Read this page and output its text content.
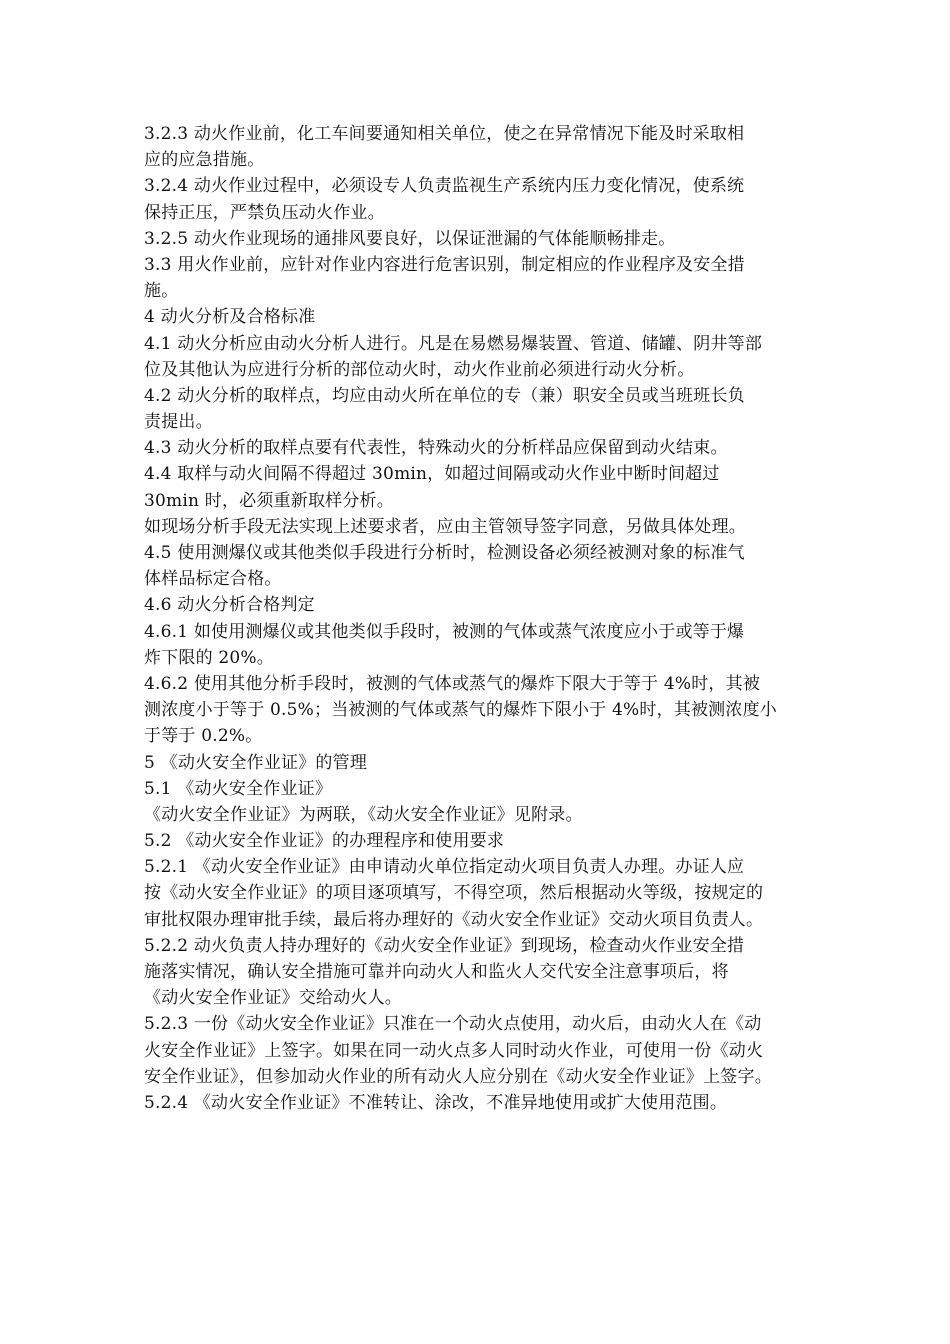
3.2.3 动火作业前，化工车间要通知相关单位，使之在异常情况下能及时采取相
应的应急措施。
3.2.4 动火作业过程中，必须设专人负责监视生产系统内压力变化情况，使系统
保持正压，严禁负压动火作业。
3.2.5 动火作业现场的通排风要良好，以保证泄漏的气体能顺畅排走。
3.3 用火作业前，应针对作业内容进行危害识别，制定相应的作业程序及安全措
施。
4 动火分析及合格标准
4.1 动火分析应由动火分析人进行。凡是在易燃易爆装置、管道、储罐、阴井等部
位及其他认为应进行分析的部位动火时，动火作业前必须进行动火分析。
4.2 动火分析的取样点，均应由动火所在单位的专（兼）职安全员或当班班长负
责提出。
4.3 动火分析的取样点要有代表性，特殊动火的分析样品应保留到动火结束。
4.4 取样与动火间隔不得超过 30min，如超过间隔或动火作业中断时间超过
30min 时，必须重新取样分析。
如现场分析手段无法实现上述要求者，应由主管领导签字同意，另做具体处理。
4.5 使用测爆仪或其他类似手段进行分析时，检测设备必须经被测对象的标准气
体样品标定合格。
4.6 动火分析合格判定
4.6.1 如使用测爆仪或其他类似手段时，被测的气体或蒸气浓度应小于或等于爆
炸下限的 20%。
4.6.2 使用其他分析手段时，被测的气体或蒸气的爆炸下限大于等于 4%时，其被
测浓度小于等于 0.5%；当被测的气体或蒸气的爆炸下限小于 4%时，其被测浓度小
于等于 0.2%。
5 《动火安全作业证》的管理
5.1 《动火安全作业证》
《动火安全作业证》为两联，《动火安全作业证》见附录。
5.2 《动火安全作业证》的办理程序和使用要求
5.2.1 《动火安全作业证》由申请动火单位指定动火项目负责人办理。办证人应
按《动火安全作业证》的项目逐项填写，不得空项，然后根据动火等级，按规定的
审批权限办理审批手续，最后将办理好的《动火安全作业证》交动火项目负责人。
5.2.2 动火负责人持办理好的《动火安全作业证》到现场，检查动火作业安全措
施落实情况，确认安全措施可靠并向动火人和监火人交代安全注意事项后，将
《动火安全作业证》交给动火人。
5.2.3 一份《动火安全作业证》只准在一个动火点使用，动火后，由动火人在《动
火安全作业证》上签字。如果在同一动火点多人同时动火作业，可使用一份《动火
安全作业证》，但参加动火作业的所有动火人应分别在《动火安全作业证》上签字。
5.2.4 《动火安全作业证》不准转让、涂改，不准异地使用或扩大使用范围。
